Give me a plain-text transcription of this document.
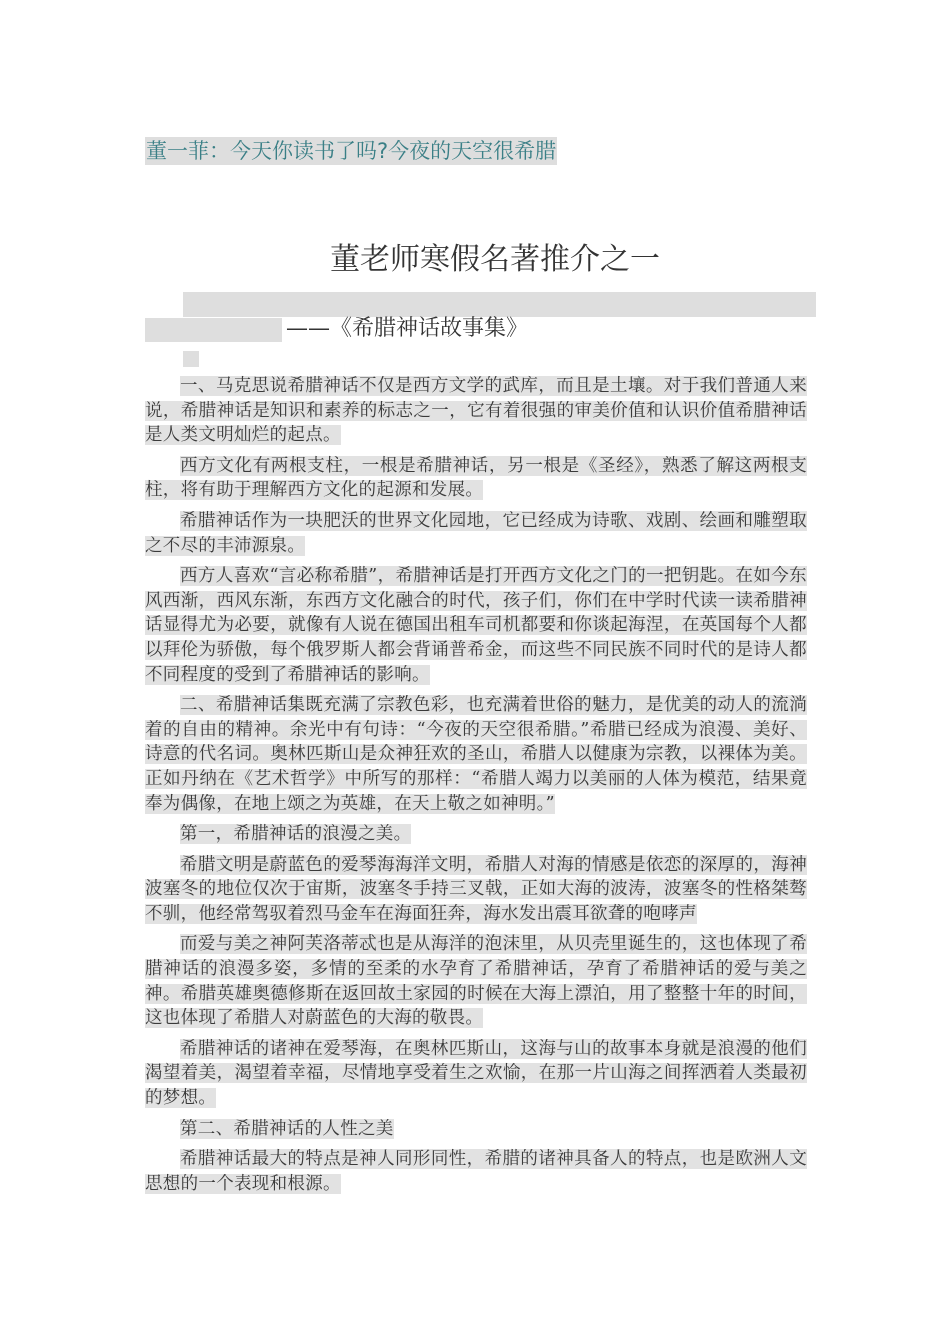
董一菲：今天你读书了吗?今夜的天空很希腊
董老师寒假名著推介之一
——《希腊神话故事集》

一、马克思说希腊神话不仅是西方文学的武库，而且是土壤。对于我们普通人来说，希腊神话是知识和素养的标志之一，它有着很强的审美价值和认识价值希腊神话是人类文明灿烂的起点。

西方文化有两根支柱，一根是希腊神话，另一根是《圣经》，熟悉了解这两根支柱，将有助于理解西方文化的起源和发展。

希腊神话作为一块肥沃的世界文化园地，它已经成为诗歌、戏剧、绘画和雕塑取之不尽的丰沛源泉。

西方人喜欢“言必称希腊”，希腊神话是打开西方文化之门的一把钥匙。在如今东风西渐，西风东渐，东西方文化融合的时代，孩子们，你们在中学时代读一读希腊神话显得尤为必要，就像有人说在德国出租车司机都要和你谈起海涅，在英国每个人都以拜伦为骄傲，每个俄罗斯人都会背诵普希金，而这些不同民族不同时代的是诗人都不同程度的受到了希腊神话的影响。

二、希腊神话集既充满了宗教色彩，也充满着世俗的魅力，是优美的动人的流淌着的自由的精神。余光中有句诗：“今夜的天空很希腊。”希腊已经成为浪漫、美好、诗意的代名词。奥林匹斯山是众神狂欢的圣山，希腊人以健康为宗教，以裸体为美。正如丹纳在《艺术哲学》中所写的那样：“希腊人竭力以美丽的人体为模范，结果竟奉为偶像，在地上颂之为英雄，在天上敬之如神明。”

第一，希腊神话的浪漫之美。

希腊文明是蔚蓝色的爱琴海海洋文明，希腊人对海的情感是依恋的深厚的，海神波塞冬的地位仅次于宙斯，波塞冬手持三叉戟，正如大海的波涛，波塞冬的性格桀骜不驯，他经常驾驭着烈马金车在海面狂奔，海水发出震耳欲聋的咆哮声

而爱与美之神阿芙洛蒂忒也是从海洋的泡沫里，从贝壳里诞生的，这也体现了希腊神话的浪漫多姿，多情的至柔的水孕育了希腊神话，孕育了希腊神话的爱与美之神。希腊英雄奥德修斯在返回故土家园的时候在大海上漂泊，用了整整十年的时间，这也体现了希腊人对蔚蓝色的大海的敬畏。

希腊神话的诸神在爱琴海，在奥林匹斯山，这海与山的故事本身就是浪漫的他们渴望着美，渴望着幸福，尽情地享受着生之欢愉，在那一片山海之间挥洒着人类最初的梦想。

第二、希腊神话的人性之美

希腊神话最大的特点是神人同形同性，希腊的诸神具备人的特点，也是欧洲人文思想的一个表现和根源。
